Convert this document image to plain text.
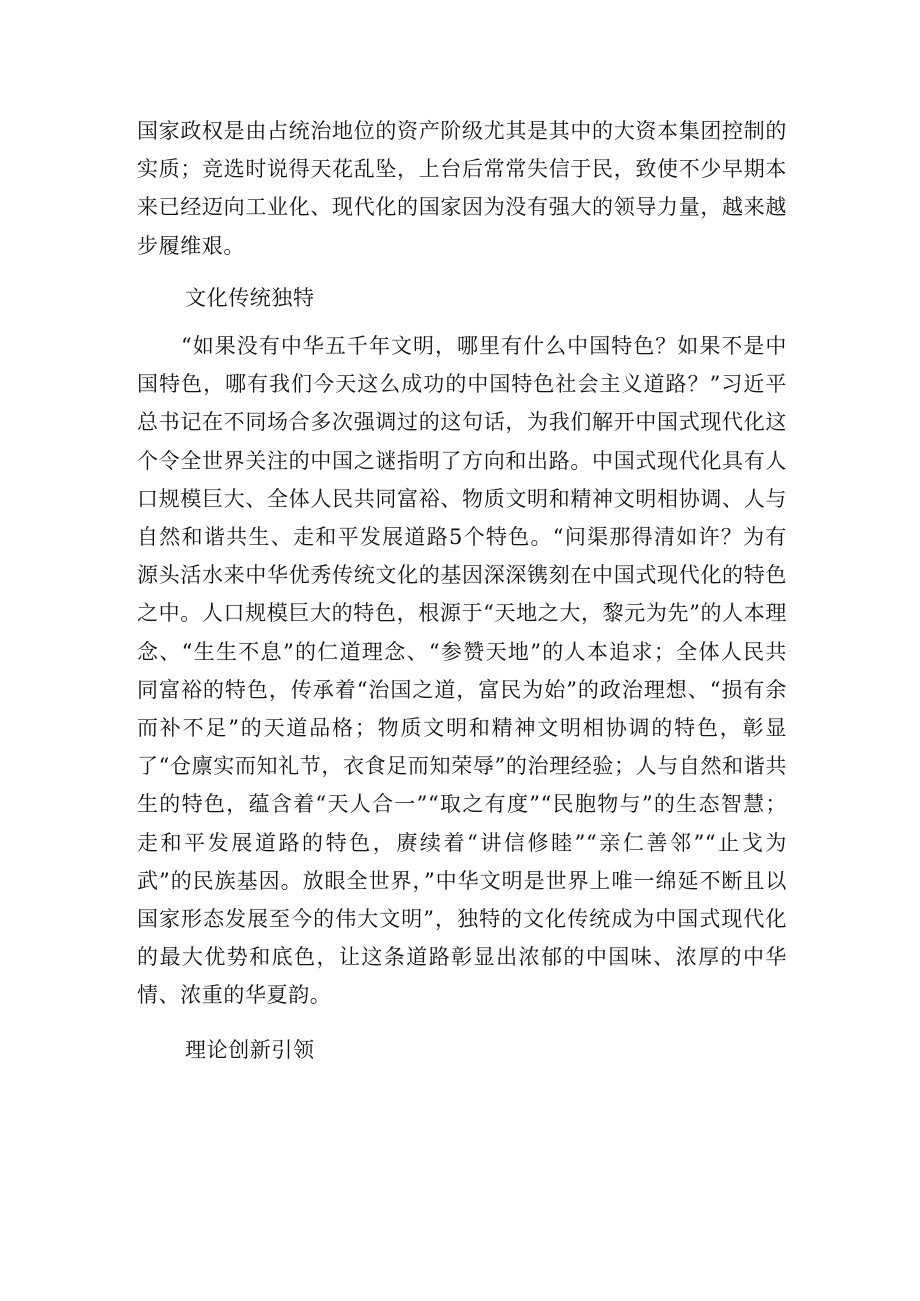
国家政权是由占统治地位的资产阶级尤其是其中的大资本集团控制的实质；竞选时说得天花乱坠，上台后常常失信于民，致使不少早期本来已经迈向工业化、现代化的国家因为没有强大的领导力量，越来越步履维艰。

文化传统独特

“如果没有中华五千年文明，哪里有什么中国特色？如果不是中国特色，哪有我们今天这么成功的中国特色社会主义道路？”习近平总书记在不同场合多次强调过的这句话，为我们解开中国式现代化这个令全世界关注的中国之谜指明了方向和出路。中国式现代化具有人口规模巨大、全体人民共同富裕、物质文明和精神文明相协调、人与自然和谐共生、走和平发展道路5个特色。“问渠那得清如许？为有源头活水来中华优秀传统文化的基因深深镌刻在中国式现代化的特色之中。人口规模巨大的特色，根源于“天地之大，黎元为先”的人本理念、“生生不息”的仁道理念、“参赞天地”的人本追求；全体人民共同富裕的特色，传承着“治国之道，富民为始”的政治理想、“损有余而补不足”的天道品格；物质文明和精神文明相协调的特色，彰显了“仓廪实而知礼节，衣食足而知荣辱”的治理经验；人与自然和谐共生的特色，蕴含着“天人合一”“取之有度”“民胞物与”的生态智慧；走和平发展道路的特色，赓续着“讲信修睦”“亲仁善邻”“止戈为武”的民族基因。放眼全世界，”中华文明是世界上唯一绵延不断且以国家形态发展至今的伟大文明”，独特的文化传统成为中国式现代化的最大优势和底色，让这条道路彰显出浓郁的中国味、浓厚的中华情、浓重的华夏韵。

理论创新引领
